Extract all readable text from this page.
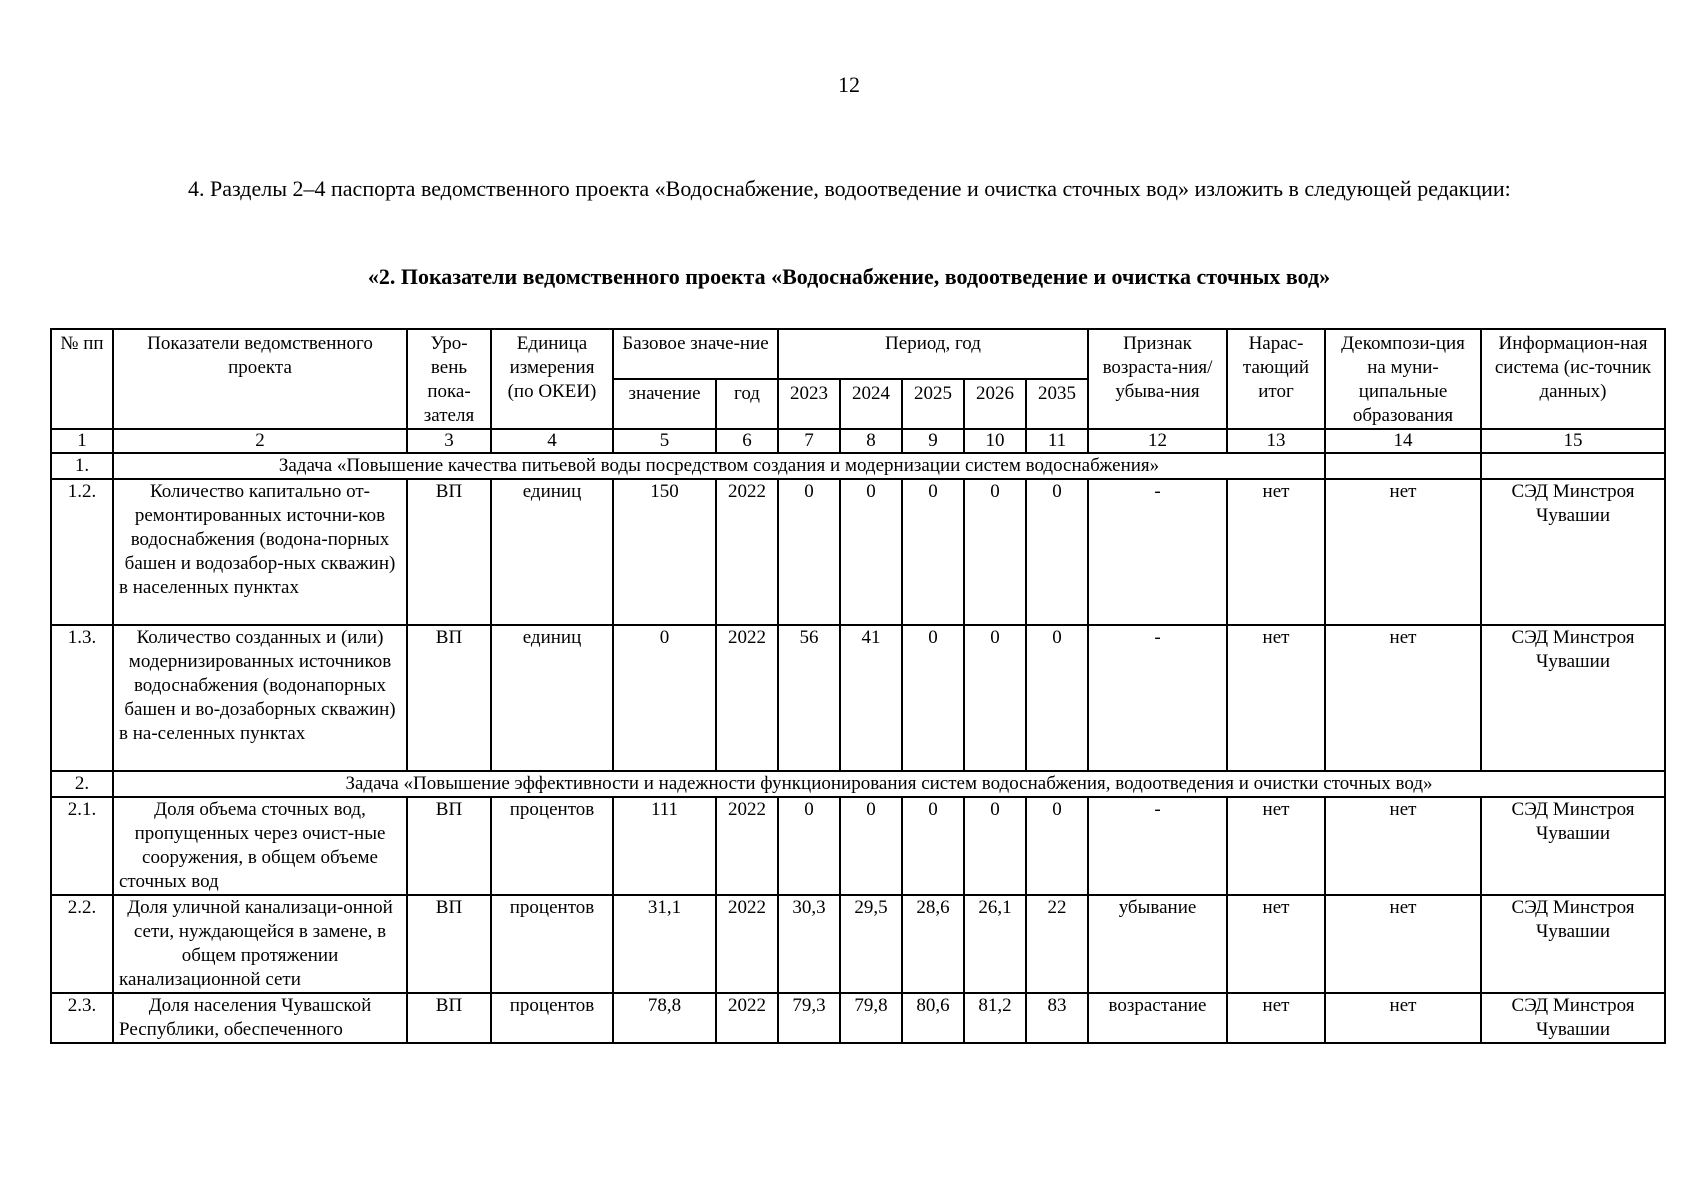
12

4. Разделы 2–4 паспорта ведомственного проекта «Водоснабжение, водоотведение и очистка сточных вод» изложить в следующей редакции:

«2. Показатели ведомственного проекта «Водоснабжение, водоотведение и очистка сточных вод»
№ пп	Показатели ведомственного проекта	Уро-вень пока-зателя	Единица измерения (по ОКЕИ)	Базовое значе-ние		Период, год					Признак возраста-ния/ убыва-ния	Нарас-тающий итог	Декомпози-ция на муни-ципальные образования	Информацион-ная система (ис-точник данных)
				значение	год	2023	2024	2025	2026	2035				
1	2	3	4	5	6	7	8	9	10	11	12	13	14	15
1.	Задача «Повышение качества питьевой воды посредством создания и модернизации систем водоснабжения»													
1.2.	Количество капитально от-ремонтированных источни-ков водоснабжения (водона-порных башен и водозабор-ных скважин) в населенных пунктах	ВП	единиц	150	2022	0	0	0	0	0	-	нет	нет	СЭД Минстроя Чувашии
1.3.	Количество созданных и (или) модернизированных источников водоснабжения (водонапорных башен и во-дозаборных скважин) в на-селенных пунктах	ВП	единиц	0	2022	56	41	0	0	0	-	нет	нет	СЭД Минстроя Чувашии
2.	Задача «Повышение эффективности и надежности функционирования систем водоснабжения, водоотведения и очистки сточных вод»													
2.1.	Доля объема сточных вод, пропущенных через очист-ные сооружения, в общем объеме сточных вод	ВП	процентов	111	2022	0	0	0	0	0	-	нет	нет	СЭД Минстроя Чувашии
2.2.	Доля уличной канализаци-онной сети, нуждающейся в замене, в общем протяжении канализационной сети	ВП	процентов	31,1	2022	30,3	29,5	28,6	26,1	22	убывание	нет	нет	СЭД Минстроя Чувашии
2.3.	Доля населения Чувашской Республики, обеспеченного	ВП	процентов	78,8	2022	79,3	79,8	80,6	81,2	83	возрастание	нет	нет	СЭД Минстроя Чувашии
